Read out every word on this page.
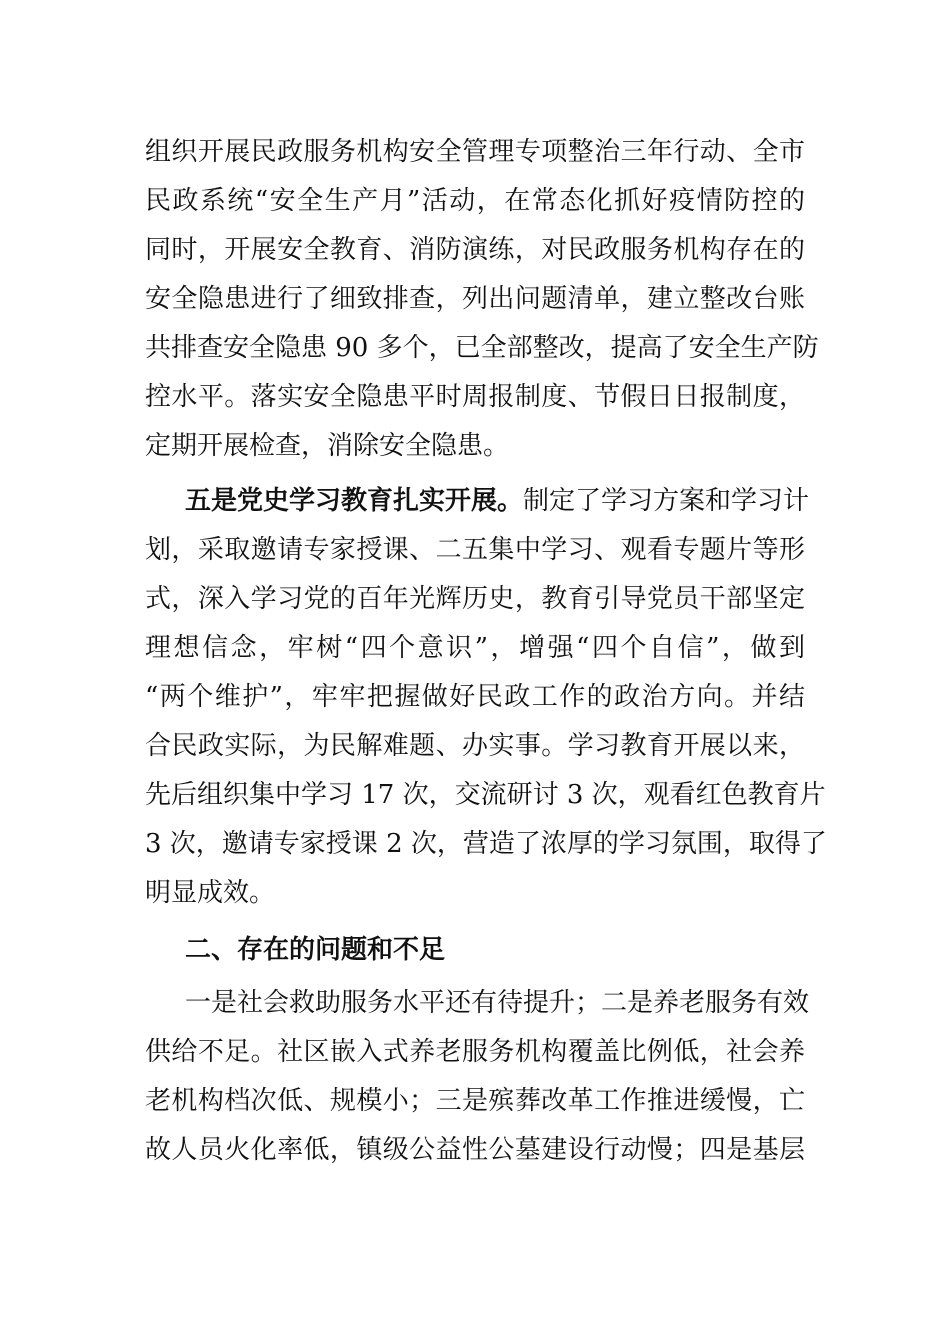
组织开展民政服务机构安全管理专项整治三年行动、全市

民政系统“安全生产月”活动，在常态化抓好疫情防控的

同时，开展安全教育、消防演练，对民政服务机构存在的

安全隐患进行了细致排查，列出问题清单，建立整改台账

共排查安全隐患 90 多个，已全部整改，提高了安全生产防

控水平。落实安全隐患平时周报制度、节假日日报制度，

定期开展检查，消除安全隐患。

五是党史学习教育扎实开展。制定了学习方案和学习计

划，采取邀请专家授课、二五集中学习、观看专题片等形

式，深入学习党的百年光辉历史，教育引导党员干部坚定

理想信念，牢树“四个意识”，增强“四个自信”，做到

“两个维护”，牢牢把握做好民政工作的政治方向。并结

合民政实际，为民解难题、办实事。学习教育开展以来，

先后组织集中学习 17 次，交流研讨 3 次，观看红色教育片

3 次，邀请专家授课 2 次，营造了浓厚的学习氛围，取得了

明显成效。

二、存在的问题和不足

一是社会救助服务水平还有待提升；二是养老服务有效

供给不足。社区嵌入式养老服务机构覆盖比例低，社会养

老机构档次低、规模小；三是殡葬改革工作推进缓慢，亡

故人员火化率低，镇级公益性公墓建设行动慢；四是基层
